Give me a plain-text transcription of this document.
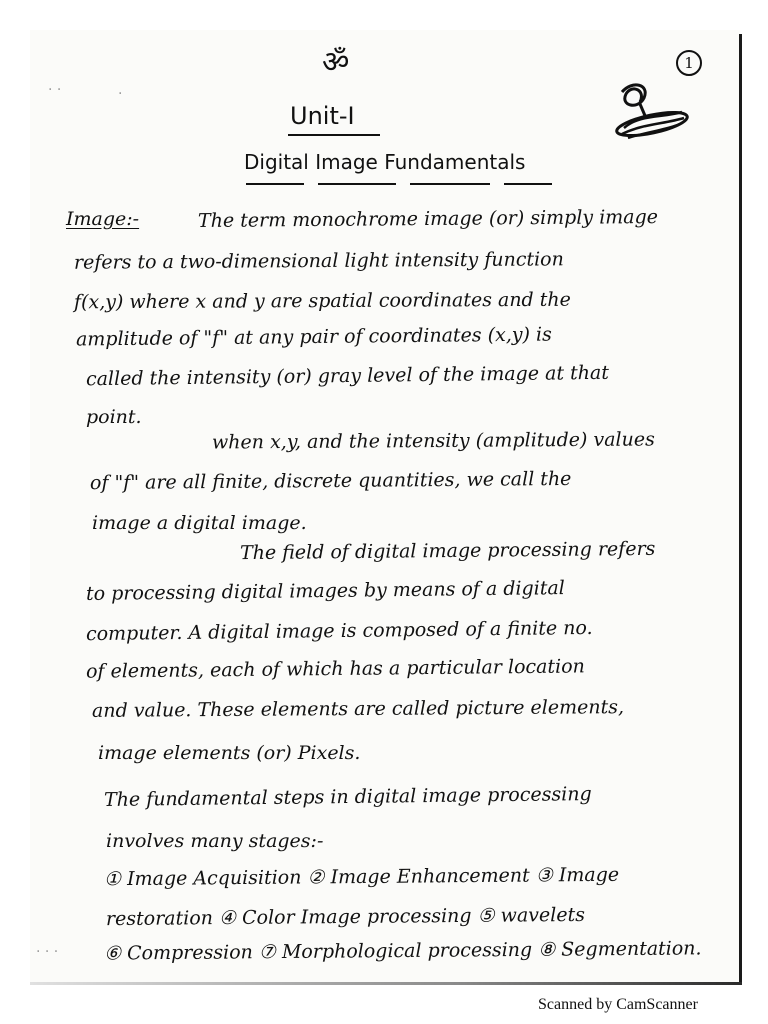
· ·	·
ॐ	1
Unit-I
Digital Image Fundamentals
Image:-	The term monochrome image (or) simply image
refers to a two-dimensional light intensity function
f(x,y) where x and y are spatial coordinates and the
amplitude of "f" at any pair of coordinates (x,y) is
called the intensity (or) gray level of the image at that
point.
when x,y, and the intensity (amplitude) values
of "f" are all finite, discrete quantities, we call the
image a digital image.
The field of digital image processing refers
to processing digital images by means of a digital
computer. A digital image is composed of a finite no.
of elements, each of which has a particular location
and value. These elements are called picture elements,
image elements (or) Pixels.
The fundamental steps in digital image processing
involves many stages:-
① Image Acquisition ② Image Enhancement ③ Image
restoration ④ Color Image processing ⑤ wavelets
⑥ Compression ⑦ Morphological processing ⑧ Segmentation.
· · ·
Scanned by CamScanner
